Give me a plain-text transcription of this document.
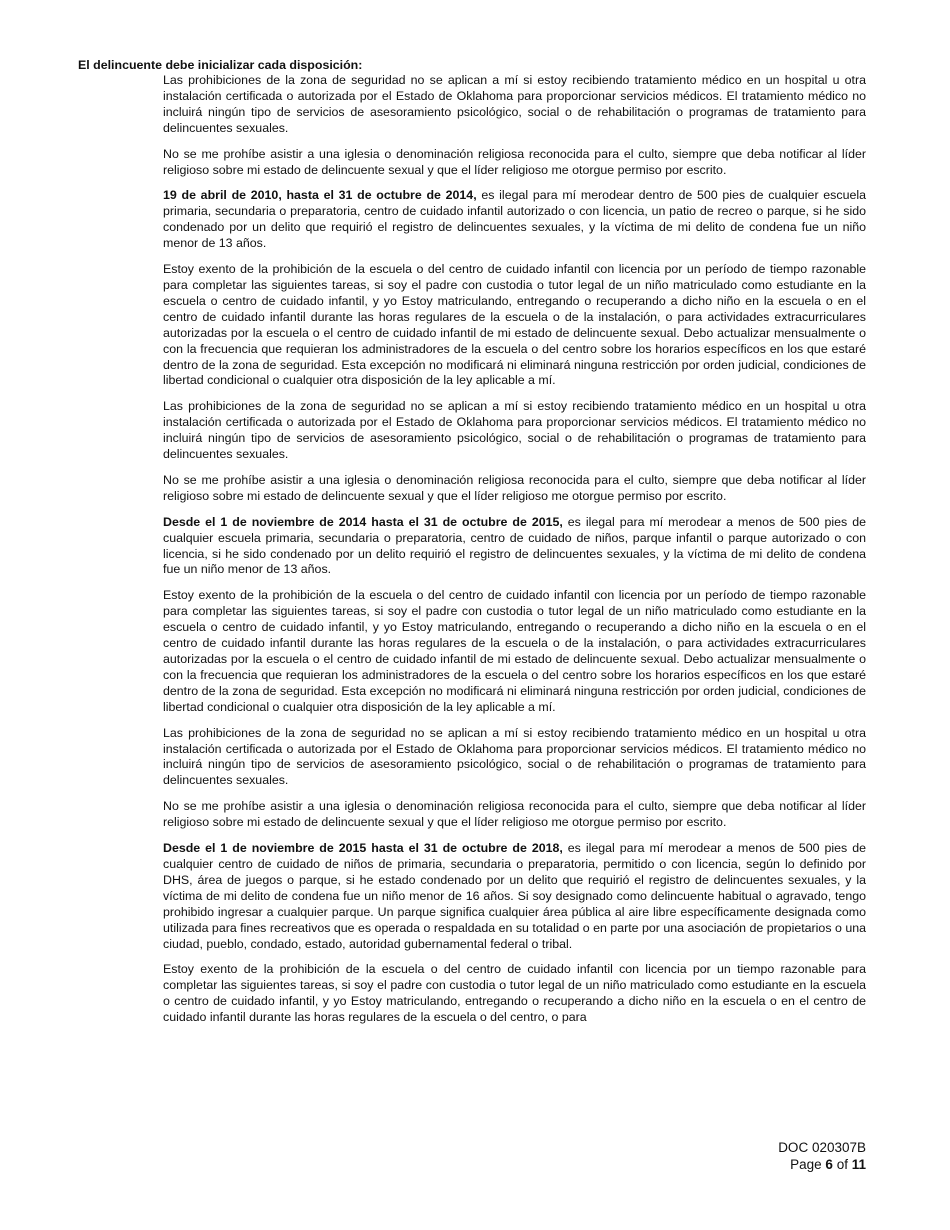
El delincuente debe inicializar cada disposición:

Las prohibiciones de la zona de seguridad no se aplican a mí si estoy recibiendo tratamiento médico en un hospital u otra instalación certificada o autorizada por el Estado de Oklahoma para proporcionar servicios médicos. El tratamiento médico no incluirá ningún tipo de servicios de asesoramiento psicológico, social o de rehabilitación o programas de tratamiento para delincuentes sexuales.

No se me prohíbe asistir a una iglesia o denominación religiosa reconocida para el culto, siempre que deba notificar al líder religioso sobre mi estado de delincuente sexual y que el líder religioso me otorgue permiso por escrito.

19 de abril de 2010, hasta el 31 de octubre de 2014, es ilegal para mí merodear dentro de 500 pies de cualquier escuela primaria, secundaria o preparatoria, centro de cuidado infantil autorizado o con licencia, un patio de recreo o parque, si he sido condenado por un delito que requirió el registro de delincuentes sexuales, y la víctima de mi delito de condena fue un niño menor de 13 años.

Estoy exento de la prohibición de la escuela o del centro de cuidado infantil con licencia por un período de tiempo razonable para completar las siguientes tareas, si soy el padre con custodia o tutor legal de un niño matriculado como estudiante en la escuela o centro de cuidado infantil, y yo Estoy matriculando, entregando o recuperando a dicho niño en la escuela o en el centro de cuidado infantil durante las horas regulares de la escuela o de la instalación, o para actividades extracurriculares autorizadas por la escuela o el centro de cuidado infantil de mi estado de delincuente sexual. Debo actualizar mensualmente o con la frecuencia que requieran los administradores de la escuela o del centro sobre los horarios específicos en los que estaré dentro de la zona de seguridad. Esta excepción no modificará ni eliminará ninguna restricción por orden judicial, condiciones de libertad condicional o cualquier otra disposición de la ley aplicable a mí.

Las prohibiciones de la zona de seguridad no se aplican a mí si estoy recibiendo tratamiento médico en un hospital u otra instalación certificada o autorizada por el Estado de Oklahoma para proporcionar servicios médicos. El tratamiento médico no incluirá ningún tipo de servicios de asesoramiento psicológico, social o de rehabilitación o programas de tratamiento para delincuentes sexuales.

No se me prohíbe asistir a una iglesia o denominación religiosa reconocida para el culto, siempre que deba notificar al líder religioso sobre mi estado de delincuente sexual y que el líder religioso me otorgue permiso por escrito.

Desde el 1 de noviembre de 2014 hasta el 31 de octubre de 2015, es ilegal para mí merodear a menos de 500 pies de cualquier escuela primaria, secundaria o preparatoria, centro de cuidado de niños, parque infantil o parque autorizado o con licencia, si he sido condenado por un delito requirió el registro de delincuentes sexuales, y la víctima de mi delito de condena fue un niño menor de 13 años.

Estoy exento de la prohibición de la escuela o del centro de cuidado infantil con licencia por un período de tiempo razonable para completar las siguientes tareas, si soy el padre con custodia o tutor legal de un niño matriculado como estudiante en la escuela o centro de cuidado infantil, y yo Estoy matriculando, entregando o recuperando a dicho niño en la escuela o en el centro de cuidado infantil durante las horas regulares de la escuela o de la instalación, o para actividades extracurriculares autorizadas por la escuela o el centro de cuidado infantil de mi estado de delincuente sexual. Debo actualizar mensualmente o con la frecuencia que requieran los administradores de la escuela o del centro sobre los horarios específicos en los que estaré dentro de la zona de seguridad. Esta excepción no modificará ni eliminará ninguna restricción por orden judicial, condiciones de libertad condicional o cualquier otra disposición de la ley aplicable a mí.

Las prohibiciones de la zona de seguridad no se aplican a mí si estoy recibiendo tratamiento médico en un hospital u otra instalación certificada o autorizada por el Estado de Oklahoma para proporcionar servicios médicos. El tratamiento médico no incluirá ningún tipo de servicios de asesoramiento psicológico, social o de rehabilitación o programas de tratamiento para delincuentes sexuales.

No se me prohíbe asistir a una iglesia o denominación religiosa reconocida para el culto, siempre que deba notificar al líder religioso sobre mi estado de delincuente sexual y que el líder religioso me otorgue permiso por escrito.

Desde el 1 de noviembre de 2015 hasta el 31 de octubre de 2018, es ilegal para mí merodear a menos de 500 pies de cualquier centro de cuidado de niños de primaria, secundaria o preparatoria, permitido o con licencia, según lo definido por DHS, área de juegos o parque, si he estado condenado por un delito que requirió el registro de delincuentes sexuales, y la víctima de mi delito de condena fue un niño menor de 16 años. Si soy designado como delincuente habitual o agravado, tengo prohibido ingresar a cualquier parque. Un parque significa cualquier área pública al aire libre específicamente designada como utilizada para fines recreativos que es operada o respaldada en su totalidad o en parte por una asociación de propietarios o una ciudad, pueblo, condado, estado, autoridad gubernamental federal o tribal.

Estoy exento de la prohibición de la escuela o del centro de cuidado infantil con licencia por un tiempo razonable para completar las siguientes tareas, si soy el padre con custodia o tutor legal de un niño matriculado como estudiante en la escuela o centro de cuidado infantil, y yo Estoy matriculando, entregando o recuperando a dicho niño en la escuela o en el centro de cuidado infantil durante las horas regulares de la escuela o del centro, o para

DOC 020307B
Page 6 of 11
